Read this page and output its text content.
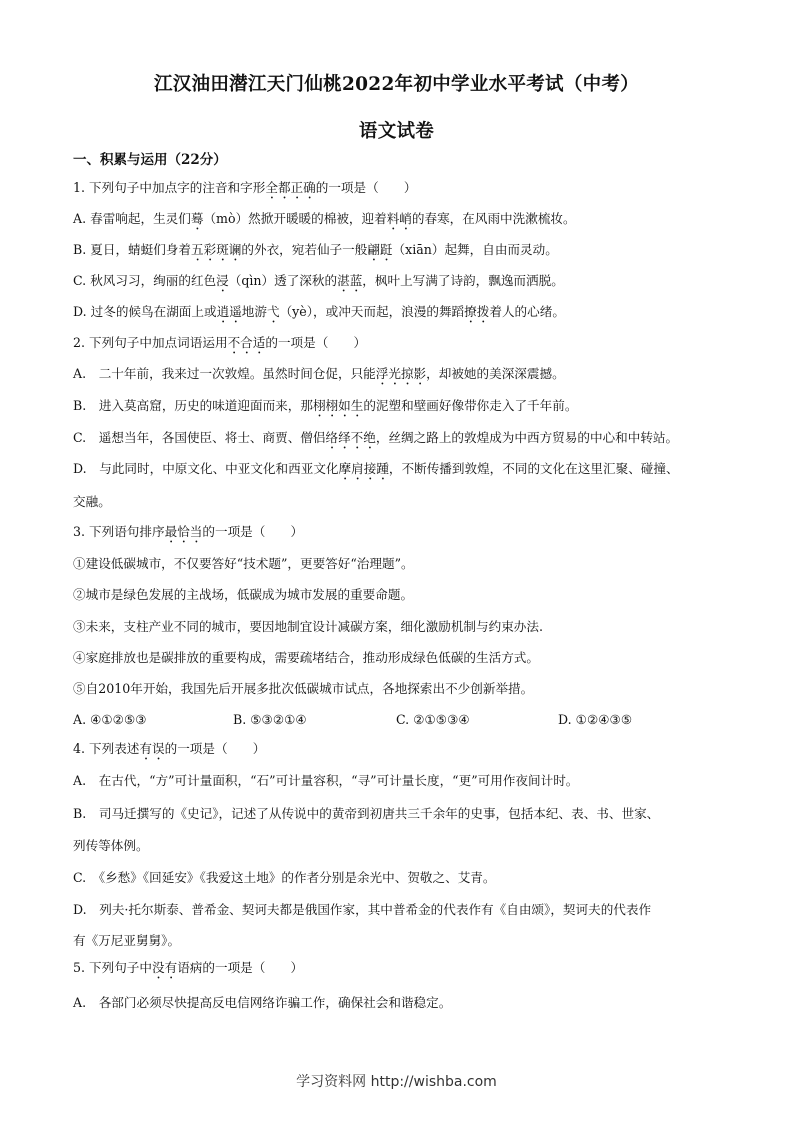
江汉油田潜江天门仙桃2022年初中学业水平考试（中考）
语文试卷
一、积累与运用（22分）
1. 下列句子中加点字的注音和字形全都正确的一项是（　　）
A. 春雷响起，生灵们蓦（mò）然掀开暖暖的棉被，迎着料峭的春寒，在风雨中洗漱梳妆。
B. 夏日，蜻蜓们身着五彩斑谰的外衣，宛若仙子一般翩跹（xiān）起舞，自由而灵动。
C. 秋风习习，绚丽的红色浸（qìn）透了深秋的湛蓝，枫叶上写满了诗韵，飘逸而洒脱。
D. 过冬的候鸟在湖面上或逍遥地游弋（yè），或冲天而起，浪漫的舞蹈撩拨着人的心绪。
2. 下列句子中加点词语运用不合适的一项是（　　）
A.　二十年前，我来过一次敦煌。虽然时间仓促，只能浮光掠影，却被她的美深深震撼。
B.　进入莫高窟，历史的味道迎面而来，那栩栩如生的泥塑和壁画好像带你走入了千年前。
C.　遥想当年，各国使臣、将士、商贾、僧侣络绎不绝，丝绸之路上的敦煌成为中西方贸易的中心和中转站。
D.　与此同时，中原文化、中亚文化和西亚文化摩肩接踵，不断传播到敦煌，不同的文化在这里汇聚、碰撞、
交融。
3. 下列语句排序最恰当的一项是（　　）
①建设低碳城市，不仅要答好“技术题”，更要答好“治理题”。
②城市是绿色发展的主战场，低碳成为城市发展的重要命题。
③未来，支柱产业不同的城市，要因地制宜设计减碳方案，细化激励机制与约束办法.
④家庭排放也是碳排放的重要构成，需要疏堵结合，推动形成绿色低碳的生活方式。
⑤自2010年开始，我国先后开展多批次低碳城市试点，各地探索出不少创新举措。
A. ④①②⑤③	B. ⑤③②①④	C. ②①⑤③④	D. ①②④③⑤
4. 下列表述有误的一项是（　　）
A.　在古代，“方”可计量面积，“石”可计量容积，“寻”可计量长度，“更”可用作夜间计时。
B.　司马迁撰写的《史记》，记述了从传说中的黄帝到初唐共三千余年的史事，包括本纪、表、书、世家、
列传等体例。
C.　《乡愁》《回延安》《我爱这土地》的作者分别是余光中、贺敬之、艾青。
D.　列夫·托尔斯泰、普希金、契诃夫都是俄国作家，其中普希金的代表作有《自由颂》，契诃夫的代表作
有《万尼亚舅舅》。
5. 下列句子中没有语病的一项是（　　）
A.　各部门必须尽快提高反电信网络诈骗工作，确保社会和谐稳定。
学习资料网 http://wishba.com
